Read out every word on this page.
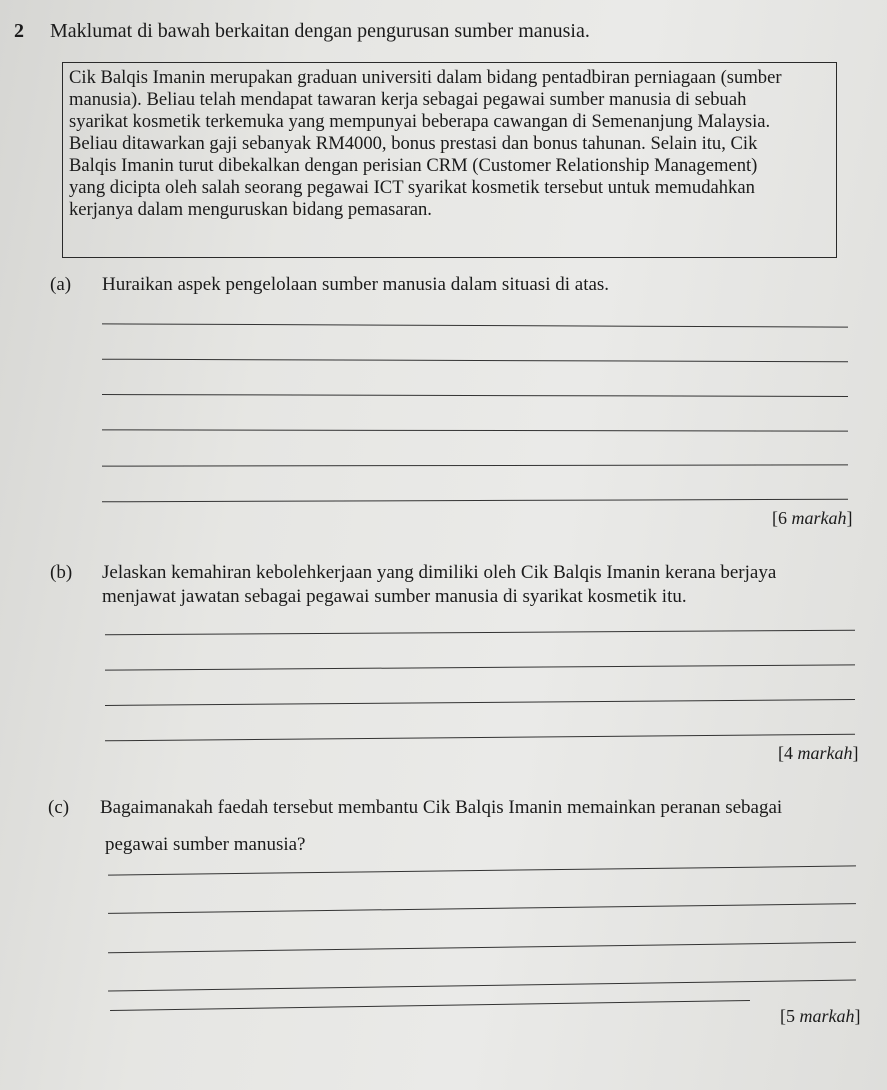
2 Maklumat di bawah berkaitan dengan pengurusan sumber manusia.
Cik Balqis Imanin merupakan graduan universiti dalam bidang pentadbiran perniagaan (sumber
manusia). Beliau telah mendapat tawaran kerja sebagai pegawai sumber manusia di sebuah
syarikat kosmetik terkemuka yang mempunyai beberapa cawangan di Semenanjung Malaysia.
Beliau ditawarkan gaji sebanyak RM4000, bonus prestasi dan bonus tahunan. Selain itu, Cik
Balqis Imanin turut dibekalkan dengan perisian CRM (Customer Relationship Management)
yang dicipta oleh salah seorang pegawai ICT syarikat kosmetik tersebut untuk memudahkan
kerjanya dalam menguruskan bidang pemasaran.
(a) Huraikan aspek pengelolaan sumber manusia dalam situasi di atas.
[6 markah]
(b) Jelaskan kemahiran kebolehkerjaan yang dimiliki oleh Cik Balqis Imanin kerana berjaya
menjawat jawatan sebagai pegawai sumber manusia di syarikat kosmetik itu.
[4 markah]
(c) Bagaimanakah faedah tersebut membantu Cik Balqis Imanin memainkan peranan sebagai
pegawai sumber manusia?
[5 markah]
